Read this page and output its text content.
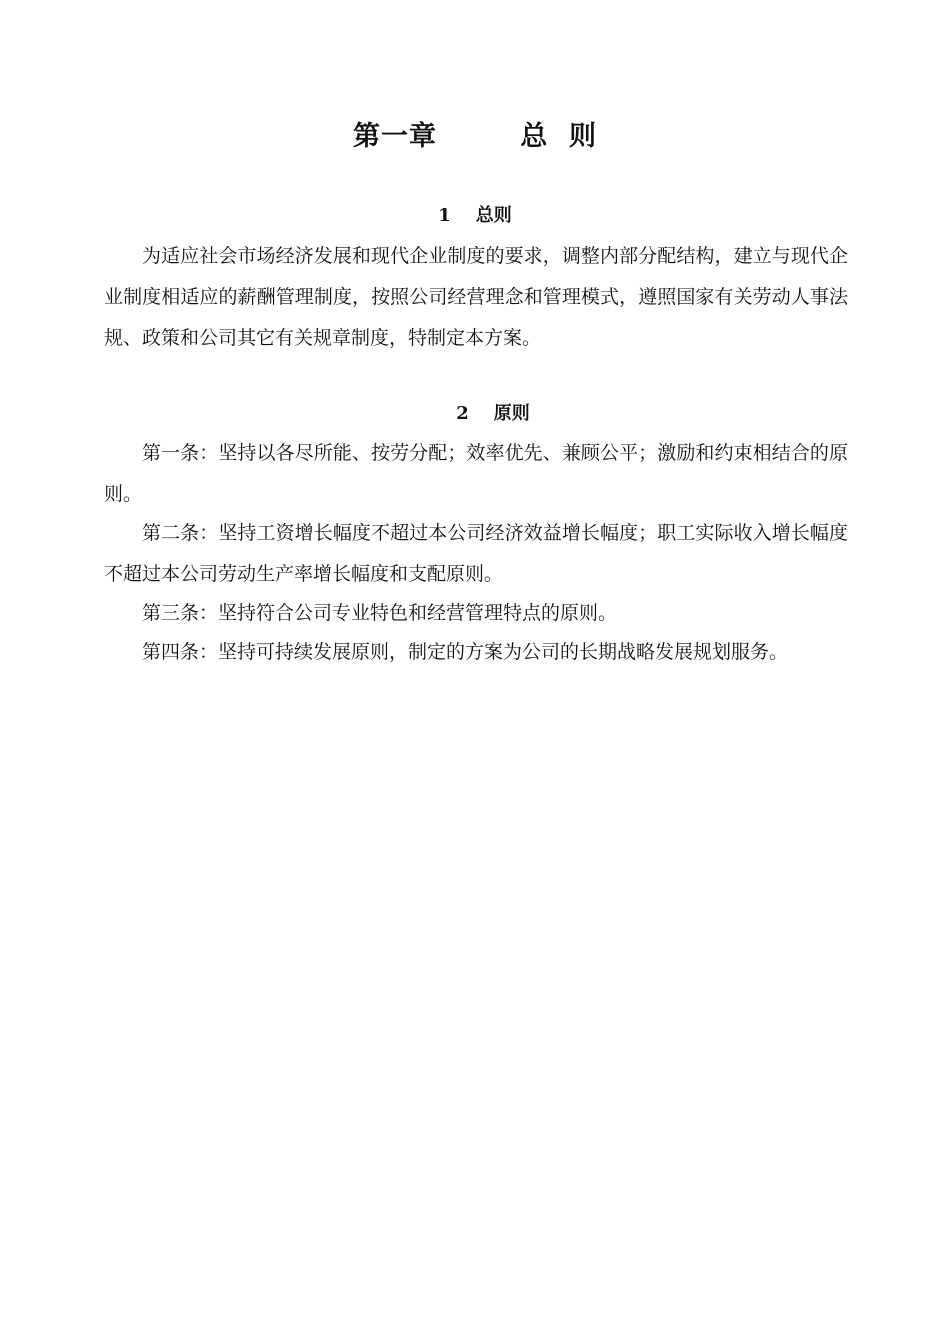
第一章        总  则
1    总则

为适应社会市场经济发展和现代企业制度的要求，调整内部分配结构，建立与现代企业制度相适应的薪酬管理制度，按照公司经营理念和管理模式，遵照国家有关劳动人事法规、政策和公司其它有关规章制度，特制定本方案。

2    原则

第一条：坚持以各尽所能、按劳分配；效率优先、兼顾公平；激励和约束相结合的原则。

第二条：坚持工资增长幅度不超过本公司经济效益增长幅度；职工实际收入增长幅度不超过本公司劳动生产率增长幅度和支配原则。

第三条：坚持符合公司专业特色和经营管理特点的原则。

第四条：坚持可持续发展原则，制定的方案为公司的长期战略发展规划服务。
